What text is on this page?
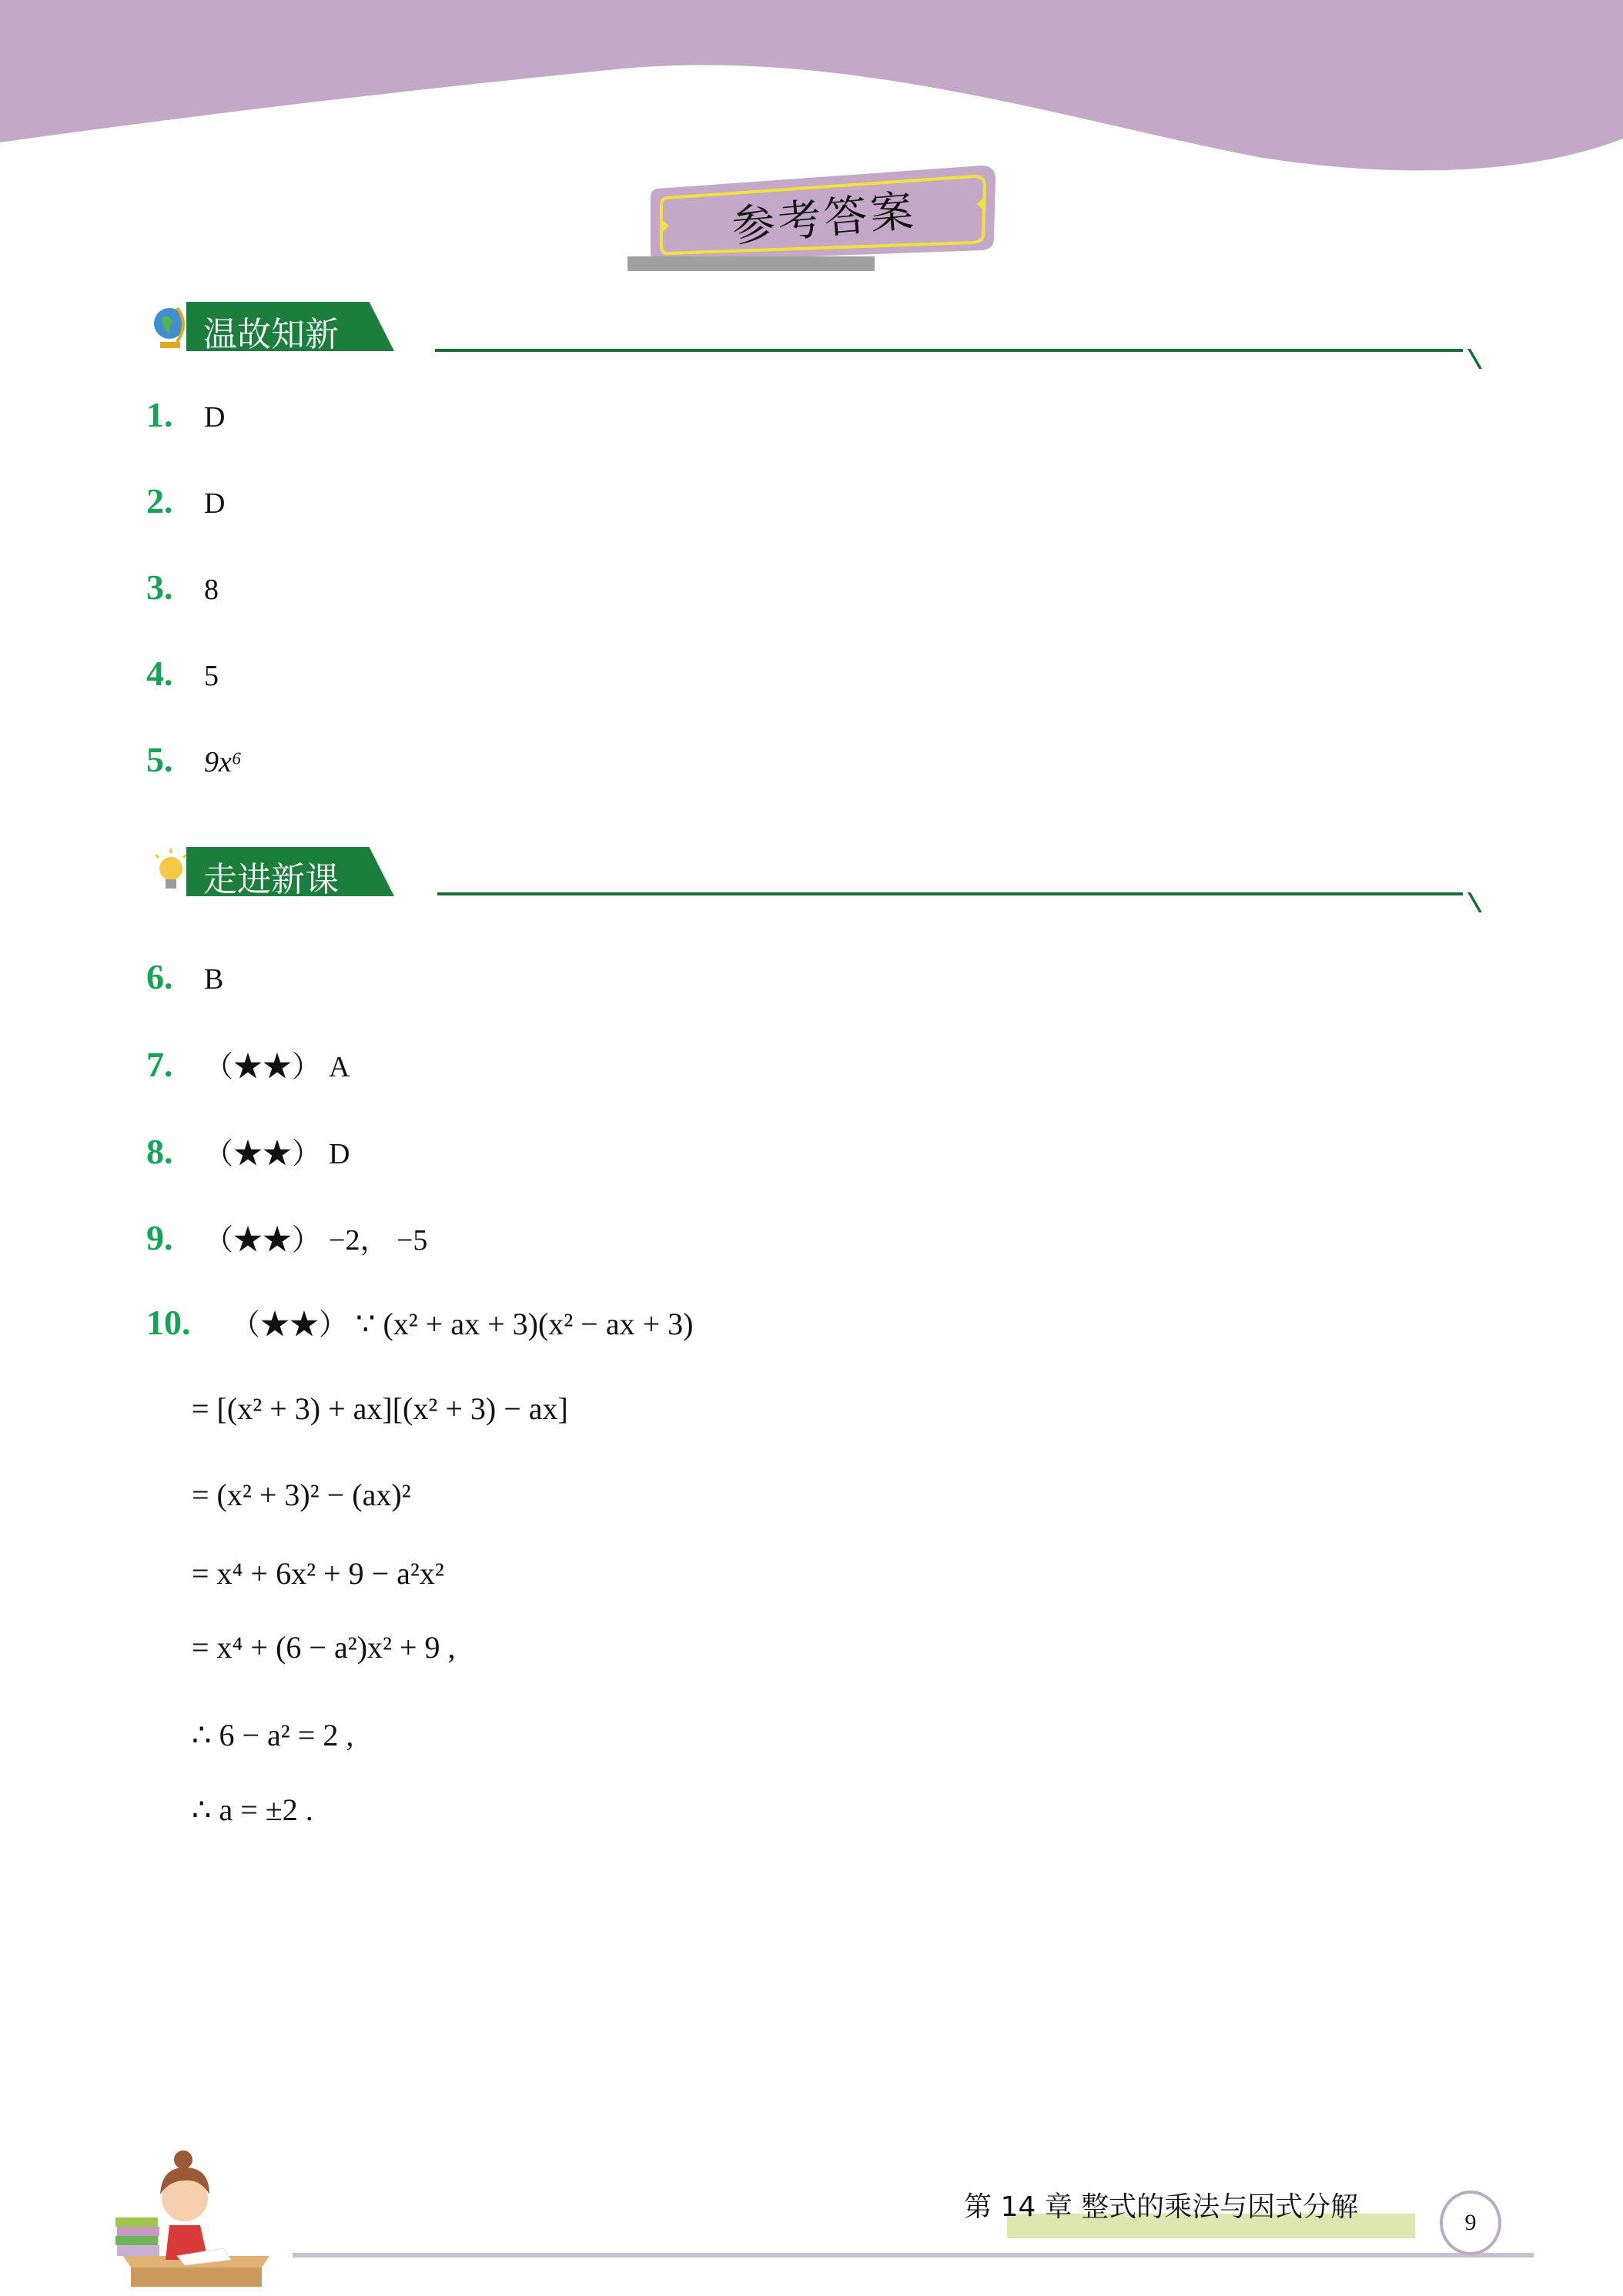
参考答案
温故知新
1.	D
2.	D
3.	8
4.	5
5.	9x⁶
走进新课
6.	B
7.	（★★） A
8.	（★★） D
9.	（★★） −2， −5
10.	（★★） ∵ (x² + ax + 3)(x² − ax + 3)
= [(x² + 3) + ax][(x² + 3) − ax]
= (x² + 3)² − (ax)²
= x⁴ + 6x² + 9 − a²x²
= x⁴ + (6 − a²)x² + 9 ,
∴ 6 − a² = 2 ,
∴ a = ±2 .
第 14 章 整式的乘法与因式分解	9
